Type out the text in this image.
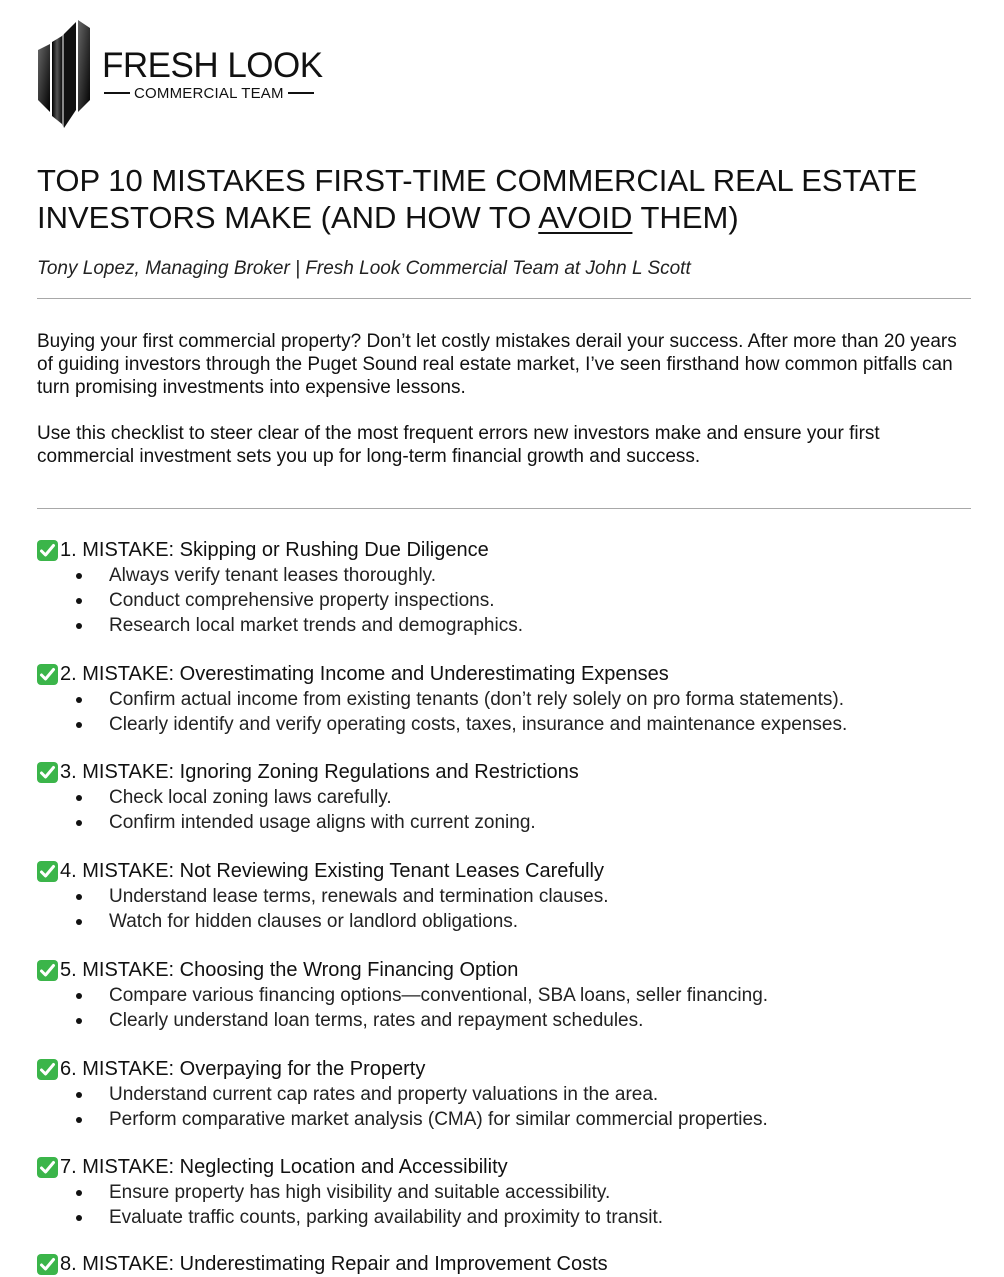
FRESH LOOK
COMMERCIAL TEAM
TOP 10 MISTAKES FIRST-TIME COMMERCIAL REAL ESTATE
INVESTORS MAKE (AND HOW TO AVOID THEM)
Tony Lopez, Managing Broker | Fresh Look Commercial Team at John L Scott

Buying your first commercial property? Don’t let costly mistakes derail your success. After more than 20 years of guiding investors through the Puget Sound real estate market, I’ve seen firsthand how common pitfalls can turn promising investments into expensive lessons.

Use this checklist to steer clear of the most frequent errors new investors make and ensure your first commercial investment sets you up for long-term financial growth and success.

1. MISTAKE: Skipping or Rushing Due Diligence
Always verify tenant leases thoroughly.
Conduct comprehensive property inspections.
Research local market trends and demographics.
2. MISTAKE: Overestimating Income and Underestimating Expenses
Confirm actual income from existing tenants (don’t rely solely on pro forma statements).
Clearly identify and verify operating costs, taxes, insurance and maintenance expenses.
3. MISTAKE: Ignoring Zoning Regulations and Restrictions
Check local zoning laws carefully.
Confirm intended usage aligns with current zoning.
4. MISTAKE: Not Reviewing Existing Tenant Leases Carefully
Understand lease terms, renewals and termination clauses.
Watch for hidden clauses or landlord obligations.
5. MISTAKE: Choosing the Wrong Financing Option
Compare various financing options—conventional, SBA loans, seller financing.
Clearly understand loan terms, rates and repayment schedules.
6. MISTAKE: Overpaying for the Property
Understand current cap rates and property valuations in the area.
Perform comparative market analysis (CMA) for similar commercial properties.
7. MISTAKE: Neglecting Location and Accessibility
Ensure property has high visibility and suitable accessibility.
Evaluate traffic counts, parking availability and proximity to transit.
8. MISTAKE: Underestimating Repair and Improvement Costs
